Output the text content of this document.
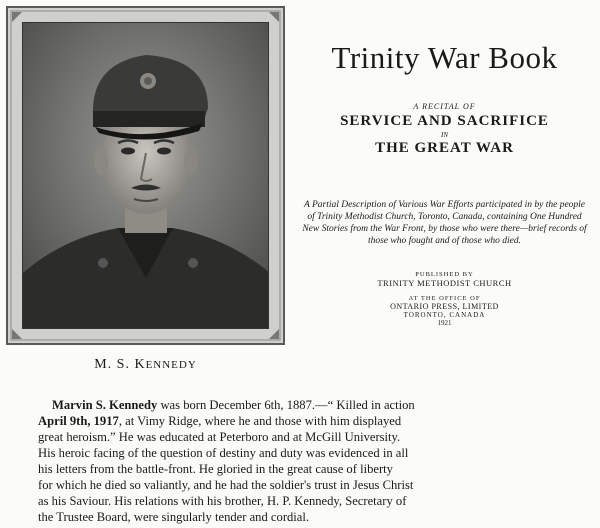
M. S. KENNEDY
Trinity War Book
A RECITAL OF
SERVICE AND SACRIFICE
IN
THE GREAT WAR
A Partial Description of Various War Efforts participated in by the people of Trinity Methodist Church, Toronto, Canada, containing One Hundred New Stories from the War Front, by those who were there—brief records of those who fought and of those who died.
PUBLISHED BY
TRINITY METHODIST CHURCH
AT THE OFFICE OF
ONTARIO PRESS, LIMITED
TORONTO, CANADA
1921
Marvin S. Kennedy was born December 6th, 1887.—“ Killed in action
April 9th, 1917, at Vimy Ridge, where he and those with him displayed
great heroism.” He was educated at Peterboro and at McGill University.
His heroic facing of the question of destiny and duty was evidenced in all
his letters from the battle-front. He gloried in the great cause of liberty
for which he died so valiantly, and he had the soldier's trust in Jesus Christ
as his Saviour. His relations with his brother, H. P. Kennedy, Secretary of
the Trustee Board, were singularly tender and cordial.
